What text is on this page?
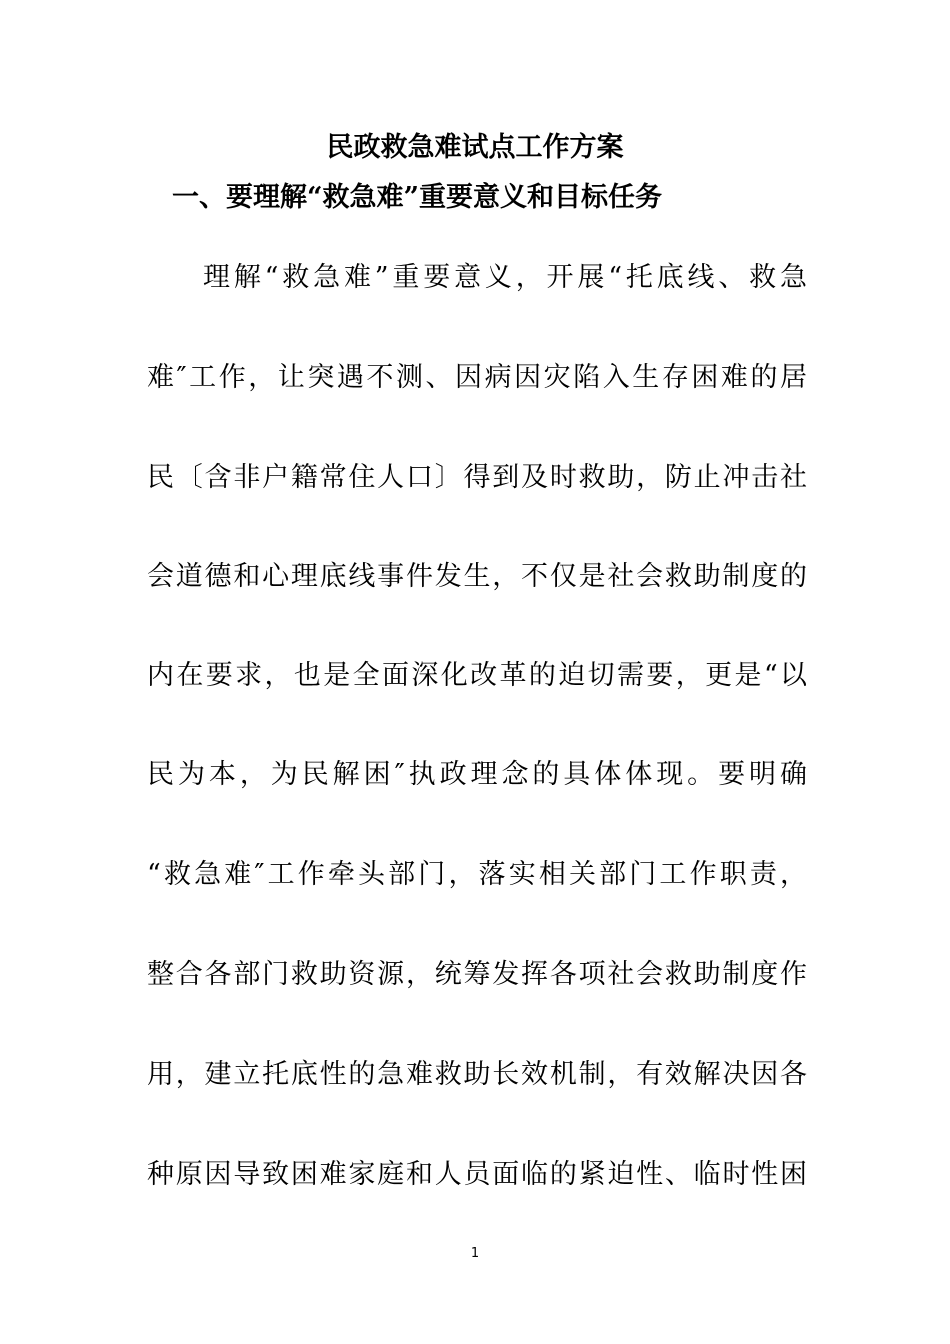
民政救急难试点工作方案
一、要理解“救急难”重要意义和目标任务

理解“救急难”重要意义，开展“托底线、救急

难″工作，让突遇不测、因病因灾陷入生存困难的居

民〔含非户籍常住人口〕得到及时救助，防止冲击社

会道德和心理底线事件发生，不仅是社会救助制度的

内在要求，也是全面深化改革的迫切需要，更是“以

民为本，为民解困″执政理念的具体体现。要明确

“救急难″工作牵头部门，落实相关部门工作职责，

整合各部门救助资源，统筹发挥各项社会救助制度作

用，建立托底性的急难救助长效机制，有效解决因各

种原因导致困难家庭和人员面临的紧迫性、临时性困

1
